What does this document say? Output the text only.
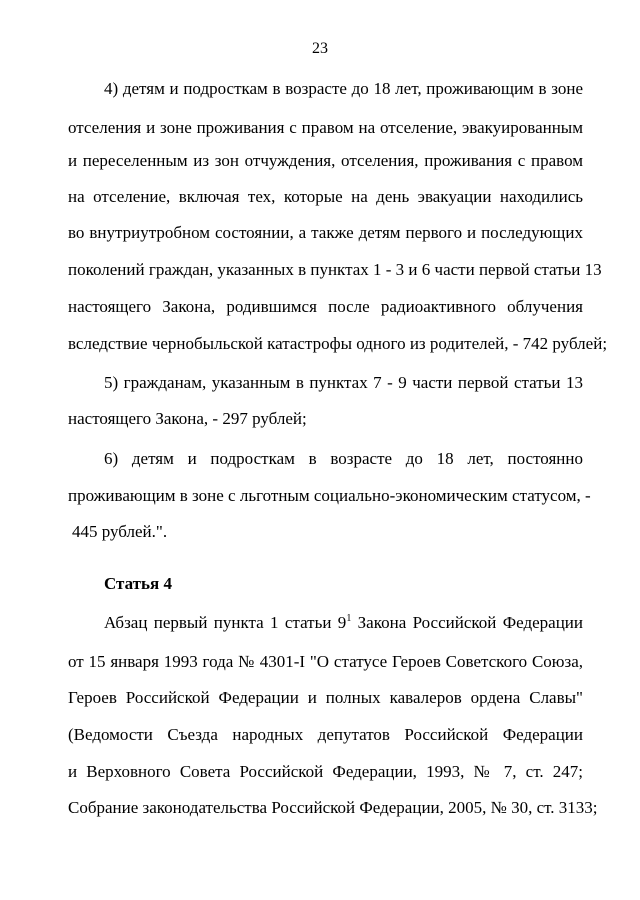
23
4) детям и подросткам в возрасте до 18 лет, проживающим в зоне
отселения и зоне проживания с правом на отселение, эвакуированным
и переселенным из зон отчуждения, отселения, проживания с правом
на отселение, включая тех, которые на день эвакуации находились
во внутриутробном состоянии, а также детям первого и последующих
поколений граждан, указанных в пунктах 1 - 3 и 6 части первой статьи 13
настоящего Закона, родившимся после радиоактивного облучения
вследствие чернобыльской катастрофы одного из родителей, - 742 рублей;
5) гражданам, указанным в пунктах 7 - 9 части первой статьи 13
настоящего Закона, - 297 рублей;
6) детям и подросткам в возрасте до 18 лет, постоянно
проживающим в зоне с льготным социально-экономическим статусом, -
445 рублей.".
Статья 4
Абзац первый пункта 1 статьи $9^1$ Закона Российской Федерации
от 15 января 1993 года № 4301-I "О статусе Героев Советского Союза,
Героев Российской Федерации и полных кавалеров ордена Славы"
(Ведомости Съезда народных депутатов Российской Федерации
и Верховного Совета Российской Федерации, 1993, № 7, ст. 247;
Собрание законодательства Российской Федерации, 2005, № 30, ст. 3133;
